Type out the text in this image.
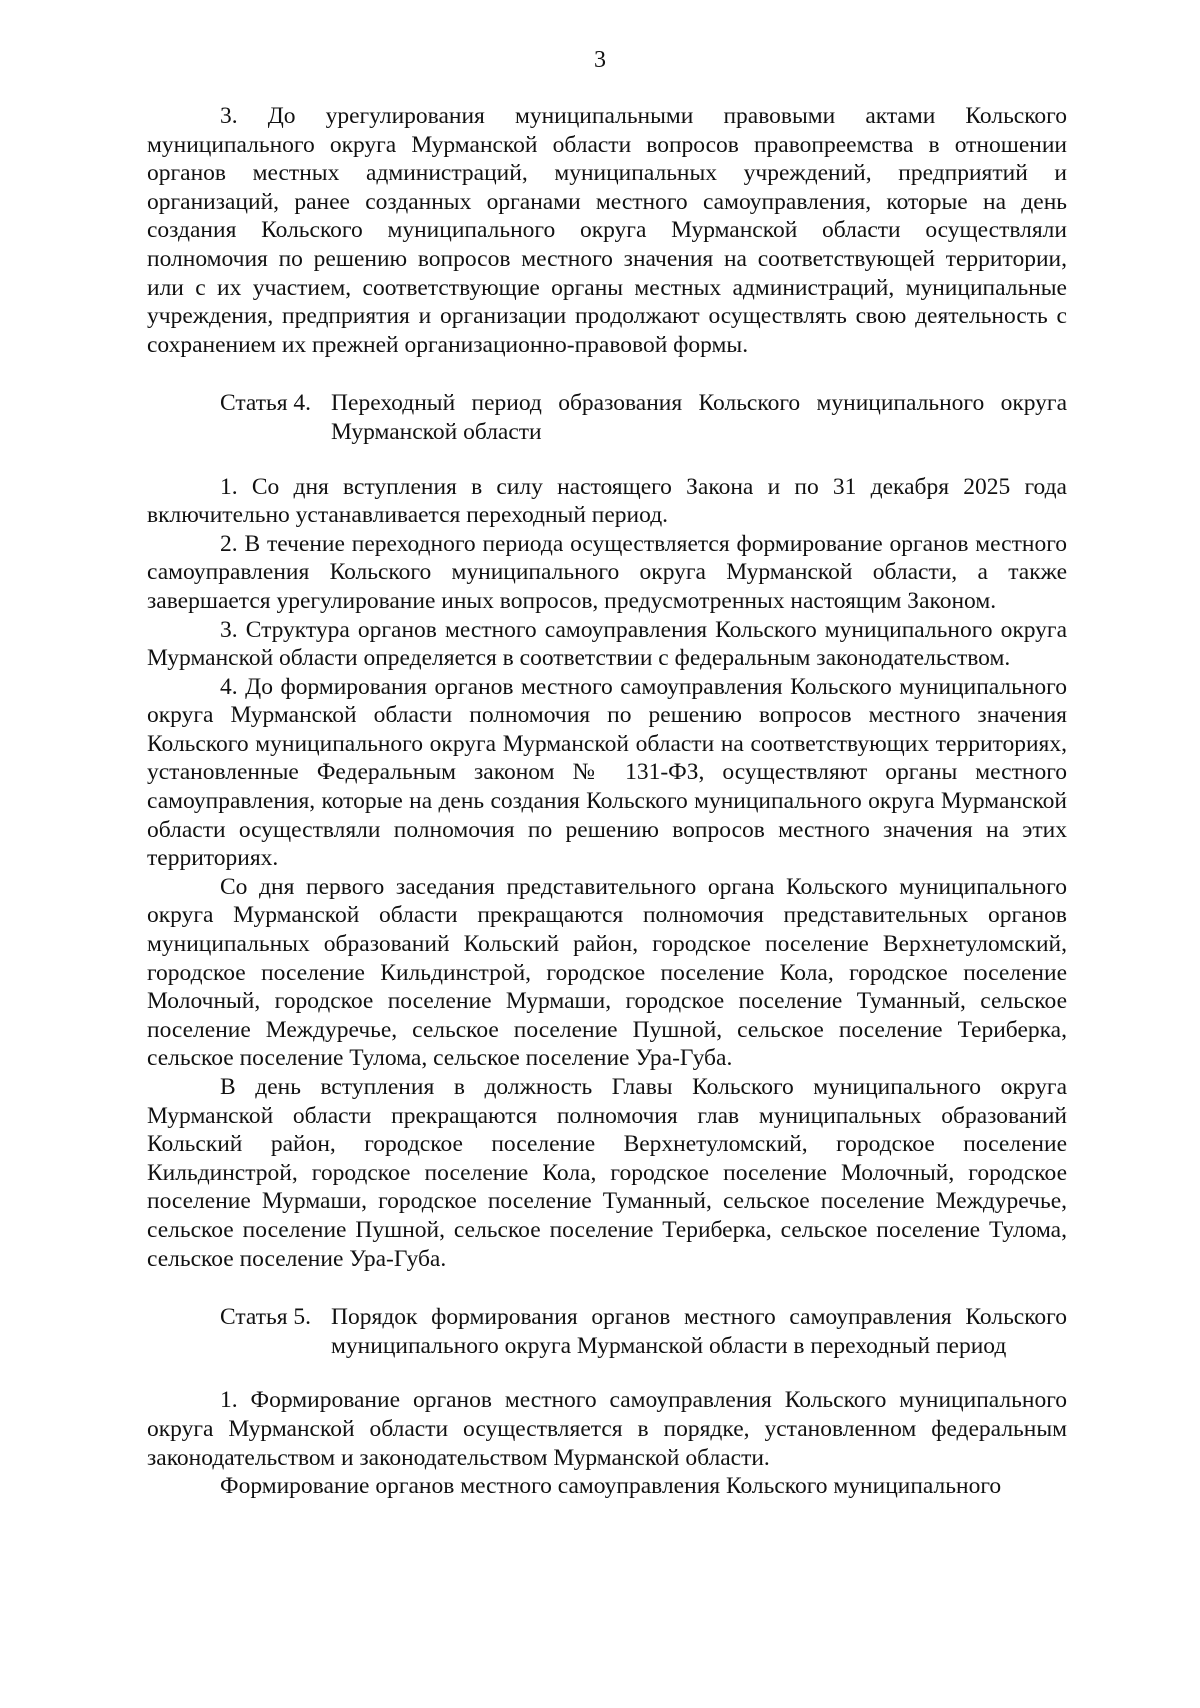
3

3. До урегулирования муниципальными правовыми актами Кольского муниципального округа Мурманской области вопросов правопреемства в отношении органов местных администраций, муниципальных учреждений, предприятий и организаций, ранее созданных органами местного самоуправления, которые на день создания Кольского муниципального округа Мурманской области осуществляли полномочия по решению вопросов местного значения на соответствующей территории, или с их участием, соответствующие органы местных администраций, муниципальные учреждения, предприятия и организации продолжают осуществлять свою деятельность с сохранением их прежней организационно-правовой формы.

Статья 4. Переходный период образования Кольского муниципального округа Мурманской области

1. Со дня вступления в силу настоящего Закона и по 31 декабря 2025 года включительно устанавливается переходный период.

2. В течение переходного периода осуществляется формирование органов местного самоуправления Кольского муниципального округа Мурманской области, а также завершается урегулирование иных вопросов, предусмотренных настоящим Законом.

3. Структура органов местного самоуправления Кольского муниципального округа Мурманской области определяется в соответствии с федеральным законодательством.

4. До формирования органов местного самоуправления Кольского муниципального округа Мурманской области полномочия по решению вопросов местного значения Кольского муниципального округа Мурманской области на соответствующих территориях, установленные Федеральным законом № 131-ФЗ, осуществляют органы местного самоуправления, которые на день создания Кольского муниципального округа Мурманской области осуществляли полномочия по решению вопросов местного значения на этих территориях.

Со дня первого заседания представительного органа Кольского муниципального округа Мурманской области прекращаются полномочия представительных органов муниципальных образований Кольский район, городское поселение Верхнетуломский, городское поселение Кильдинстрой, городское поселение Кола, городское поселение Молочный, городское поселение Мурмаши, городское поселение Туманный, сельское поселение Междуречье, сельское поселение Пушной, сельское поселение Териберка, сельское поселение Тулома, сельское поселение Ура-Губа.

В день вступления в должность Главы Кольского муниципального округа Мурманской области прекращаются полномочия глав муниципальных образований Кольский район, городское поселение Верхнетуломский, городское поселение Кильдинстрой, городское поселение Кола, городское поселение Молочный, городское поселение Мурмаши, городское поселение Туманный, сельское поселение Междуречье, сельское поселение Пушной, сельское поселение Териберка, сельское поселение Тулома, сельское поселение Ура-Губа.

Статья 5. Порядок формирования органов местного самоуправления Кольского муниципального округа Мурманской области в переходный период

1. Формирование органов местного самоуправления Кольского муниципального округа Мурманской области осуществляется в порядке, установленном федеральным законодательством и законодательством Мурманской области.

Формирование органов местного самоуправления Кольского муниципального
